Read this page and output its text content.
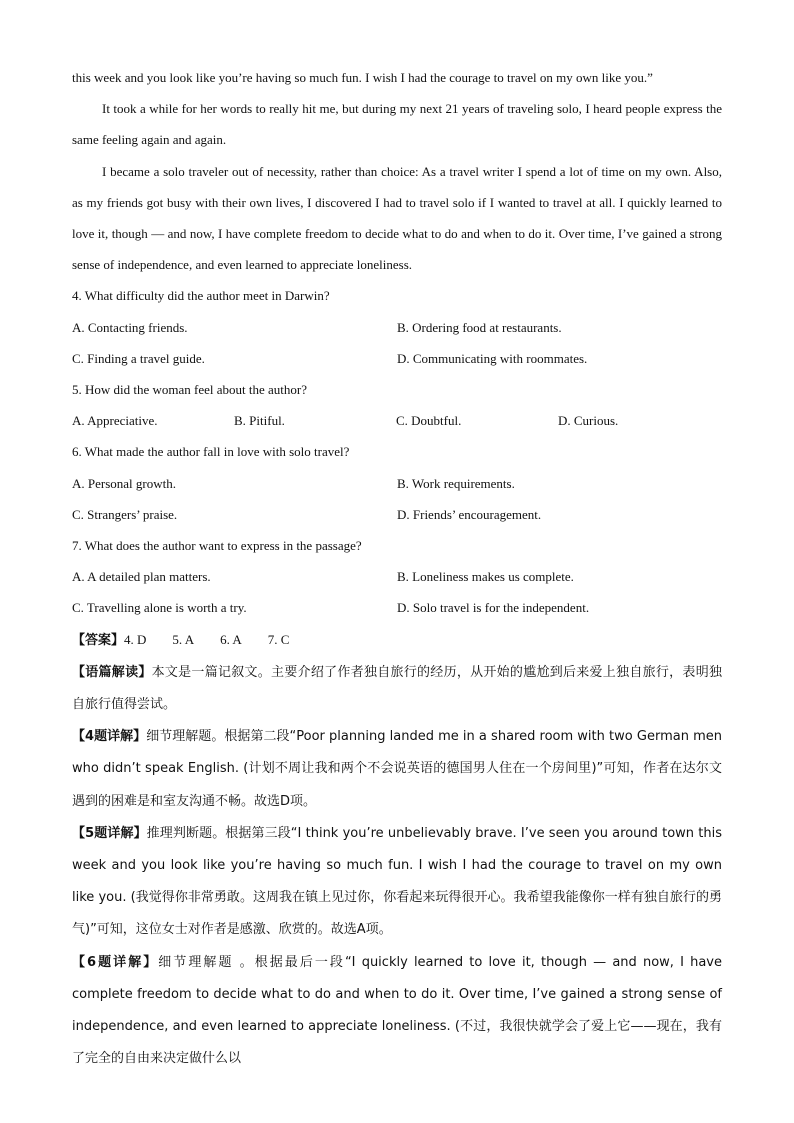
this week and you look like you’re having so much fun. I wish I had the courage to travel on my own like you.”

It took a while for her words to really hit me, but during my next 21 years of traveling solo, I heard people express the same feeling again and again.

I became a solo traveler out of necessity, rather than choice: As a travel writer I spend a lot of time on my own. Also, as my friends got busy with their own lives, I discovered I had to travel solo if I wanted to travel at all. I quickly learned to love it, though — and now, I have complete freedom to decide what to do and when to do it. Over time, I’ve gained a strong sense of independence, and even learned to appreciate loneliness.

4. What difficulty did the author meet in Darwin?
A. Contacting friends.	B. Ordering food at restaurants.
C. Finding a travel guide.	D. Communicating with roommates.
5. How did the woman feel about the author?
A. Appreciative.	B. Pitiful.	C. Doubtful.	D. Curious.
6. What made the author fall in love with solo travel?
A. Personal growth.	B. Work requirements.
C. Strangers’ praise.	D. Friends’ encouragement.
7. What does the author want to express in the passage?
A. A detailed plan matters.	B. Loneliness makes us complete.
C. Travelling alone is worth a try.	D. Solo travel is for the independent.
【答案】4. D 5. A 6. A 7. C

【语篇解读】本文是一篇记叙文。主要介绍了作者独自旅行的经历，从开始的尴尬到后来爱上独自旅行，表明独自旅行值得尝试。

【4题详解】细节理解题。根据第二段“Poor planning landed me in a shared room with two German men who didn’t speak English. (计划不周让我和两个不会说英语的德国男人住在一个房间里)”可知，作者在达尔文遇到的困难是和室友沟通不畅。故选D项。

【5题详解】推理判断题。根据第三段“I think you’re unbelievably brave. I’ve seen you around town this week and you look like you’re having so much fun. I wish I had the courage to travel on my own like you. (我觉得你非常勇敢。这周我在镇上见过你，你看起来玩得很开心。我希望我能像你一样有独自旅行的勇气)”可知，这位女士对作者是感激、欣赏的。故选A项。

【6题详解】细节理解题 。根据最后一段“I quickly learned to love it, though — and now, I have complete freedom to decide what to do and when to do it. Over time, I’ve gained a strong sense of independence, and even learned to appreciate loneliness. (不过，我很快就学会了爱上它——现在，我有了完全的自由来决定做什么以
